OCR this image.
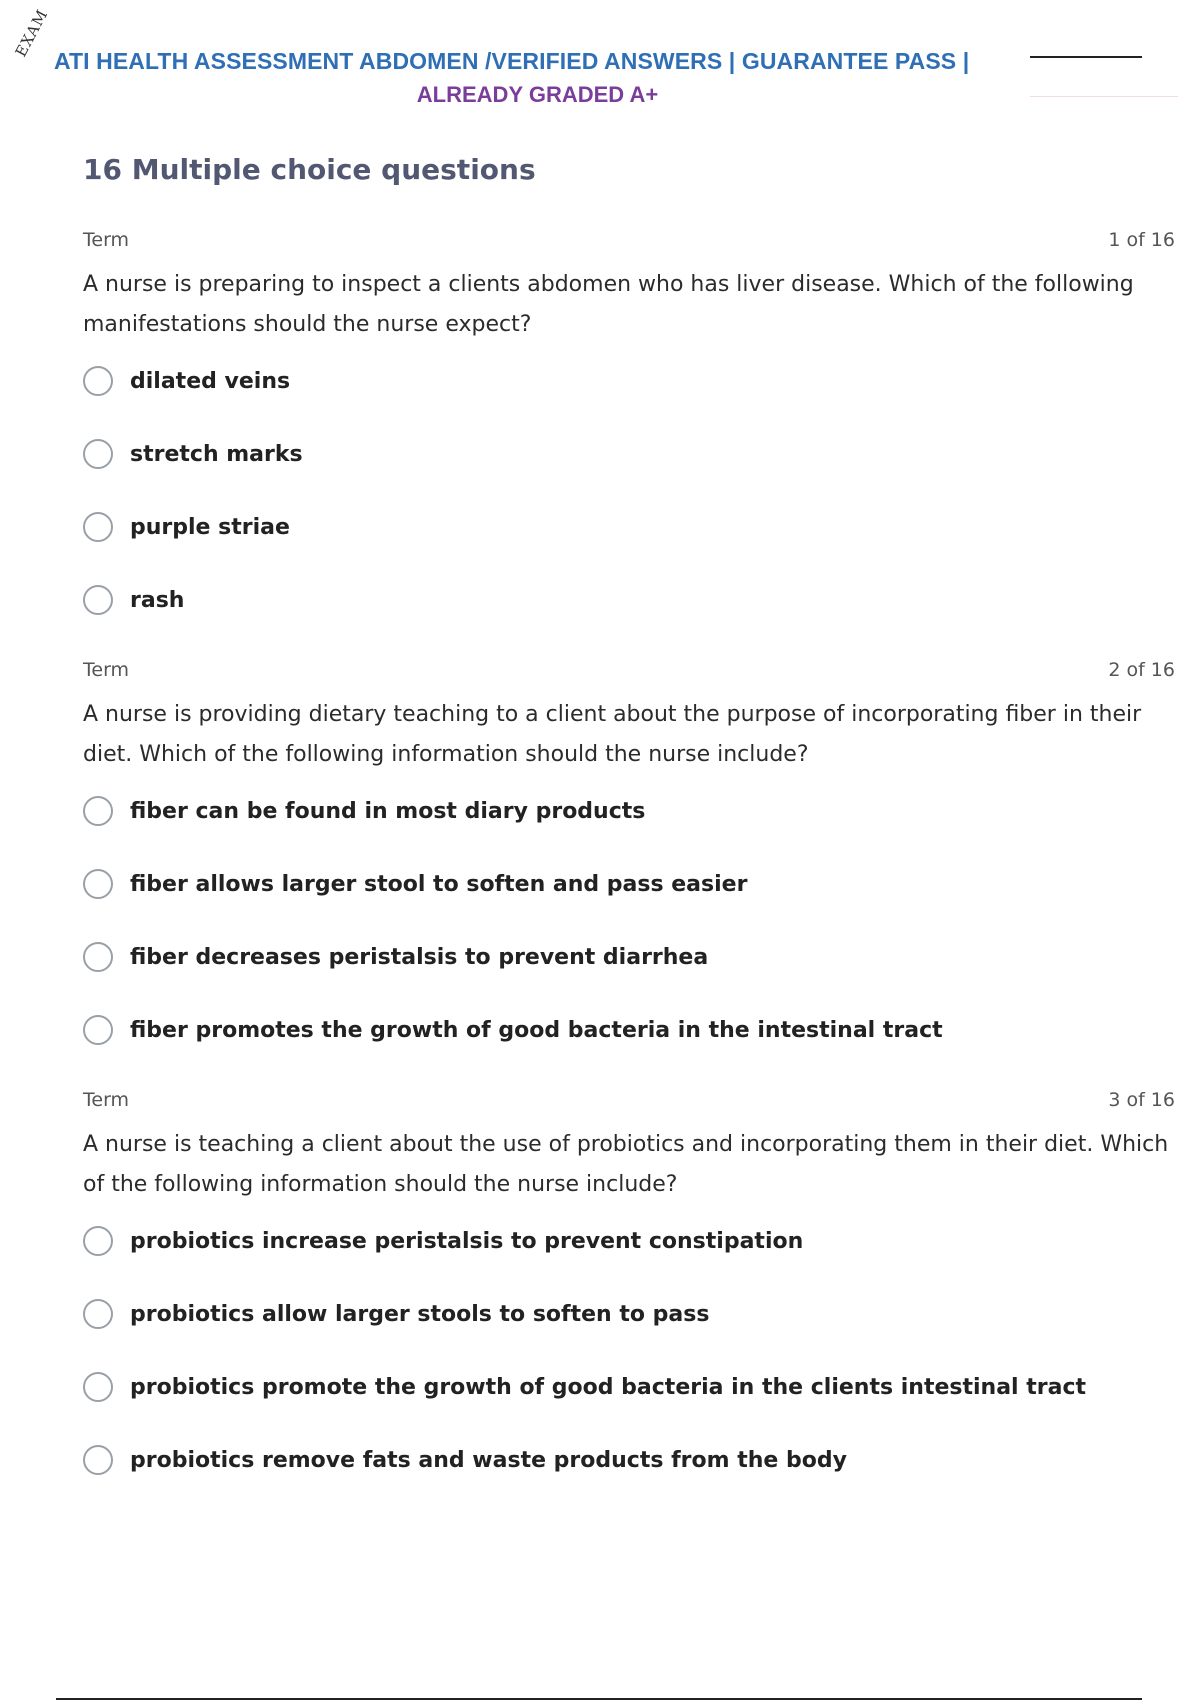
EXAM
ATI HEALTH ASSESSMENT ABDOMEN /VERIFIED ANSWERS | GUARANTEE PASS |
ALREADY GRADED A+
16 Multiple choice questions
Term	1 of 16
A nurse is preparing to inspect a clients abdomen who has liver disease. Which of the following manifestations should the nurse expect?
dilated veins
stretch marks
purple striae
rash
Term	2 of 16
A nurse is providing dietary teaching to a client about the purpose of incorporating fiber in their diet. Which of the following information should the nurse include?
fiber can be found in most diary products
fiber allows larger stool to soften and pass easier
fiber decreases peristalsis to prevent diarrhea
fiber promotes the growth of good bacteria in the intestinal tract
Term	3 of 16
A nurse is teaching a client about the use of probiotics and incorporating them in their diet. Which of the following information should the nurse include?
probiotics increase peristalsis to prevent constipation
probiotics allow larger stools to soften to pass
probiotics promote the growth of good bacteria in the clients intestinal tract
probiotics remove fats and waste products from the body
